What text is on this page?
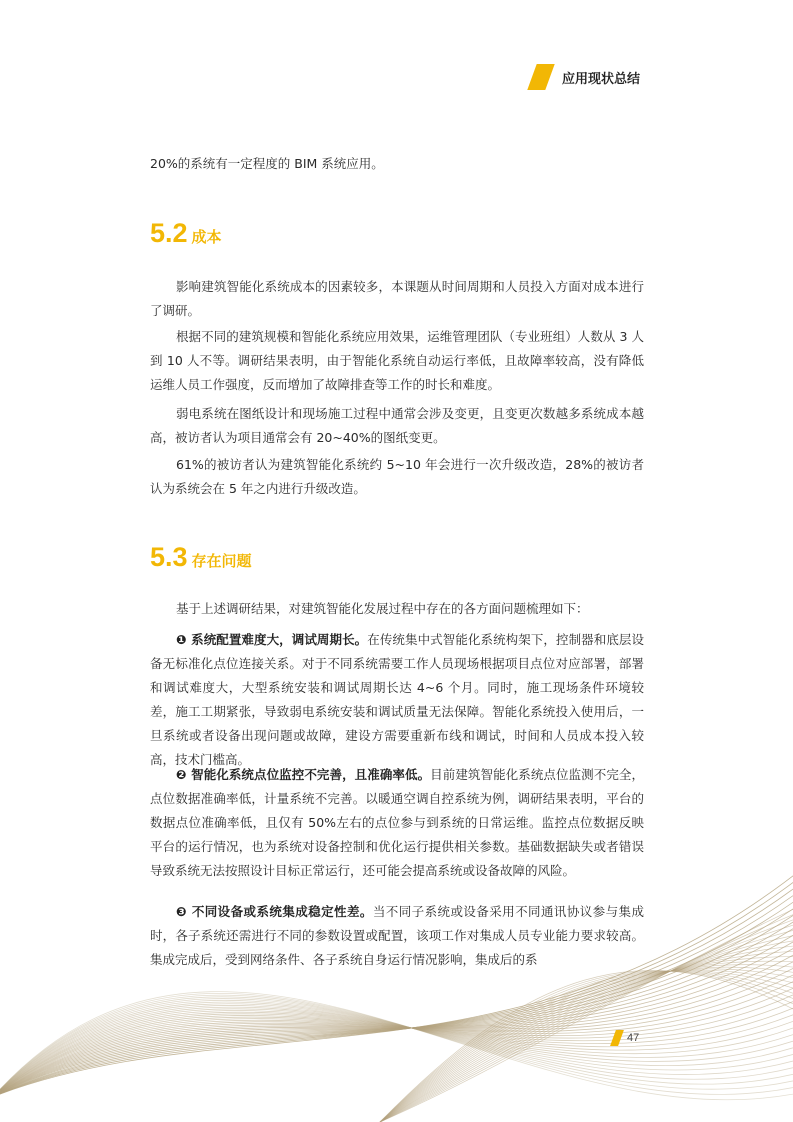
应用现状总结
20%的系统有一定程度的 BIM 系统应用。
5.2 成本

影响建筑智能化系统成本的因素较多，本课题从时间周期和人员投入方面对成本进行了调研。

根据不同的建筑规模和智能化系统应用效果，运维管理团队（专业班组）人数从 3 人到 10 人不等。调研结果表明，由于智能化系统自动运行率低，且故障率较高，没有降低运维人员工作强度，反而增加了故障排查等工作的时长和难度。

弱电系统在图纸设计和现场施工过程中通常会涉及变更，且变更次数越多系统成本越高，被访者认为项目通常会有 20~40%的图纸变更。

61%的被访者认为建筑智能化系统约 5~10 年会进行一次升级改造，28%的被访者认为系统会在 5 年之内进行升级改造。

5.3 存在问题

基于上述调研结果，对建筑智能化发展过程中存在的各方面问题梳理如下：

❶ 系统配置难度大，调试周期长。在传统集中式智能化系统构架下，控制器和底层设备无标准化点位连接关系。对于不同系统需要工作人员现场根据项目点位对应部署，部署和调试难度大，大型系统安装和调试周期长达 4~6 个月。同时，施工现场条件环境较差，施工工期紧张，导致弱电系统安装和调试质量无法保障。智能化系统投入使用后，一旦系统或者设备出现问题或故障，建设方需要重新布线和调试，时间和人员成本投入较高，技术门槛高。

❷ 智能化系统点位监控不完善，且准确率低。目前建筑智能化系统点位监测不完全，点位数据准确率低，计量系统不完善。以暖通空调自控系统为例，调研结果表明，平台的数据点位准确率低，且仅有 50%左右的点位参与到系统的日常运维。监控点位数据反映平台的运行情况，也为系统对设备控制和优化运行提供相关参数。基础数据缺失或者错误导致系统无法按照设计目标正常运行，还可能会提高系统或设备故障的风险。

❸ 不同设备或系统集成稳定性差。当不同子系统或设备采用不同通讯协议参与集成时，各子系统还需进行不同的参数设置或配置，该项工作对集成人员专业能力要求较高。集成完成后，受到网络条件、各子系统自身运行情况影响，集成后的系

47
